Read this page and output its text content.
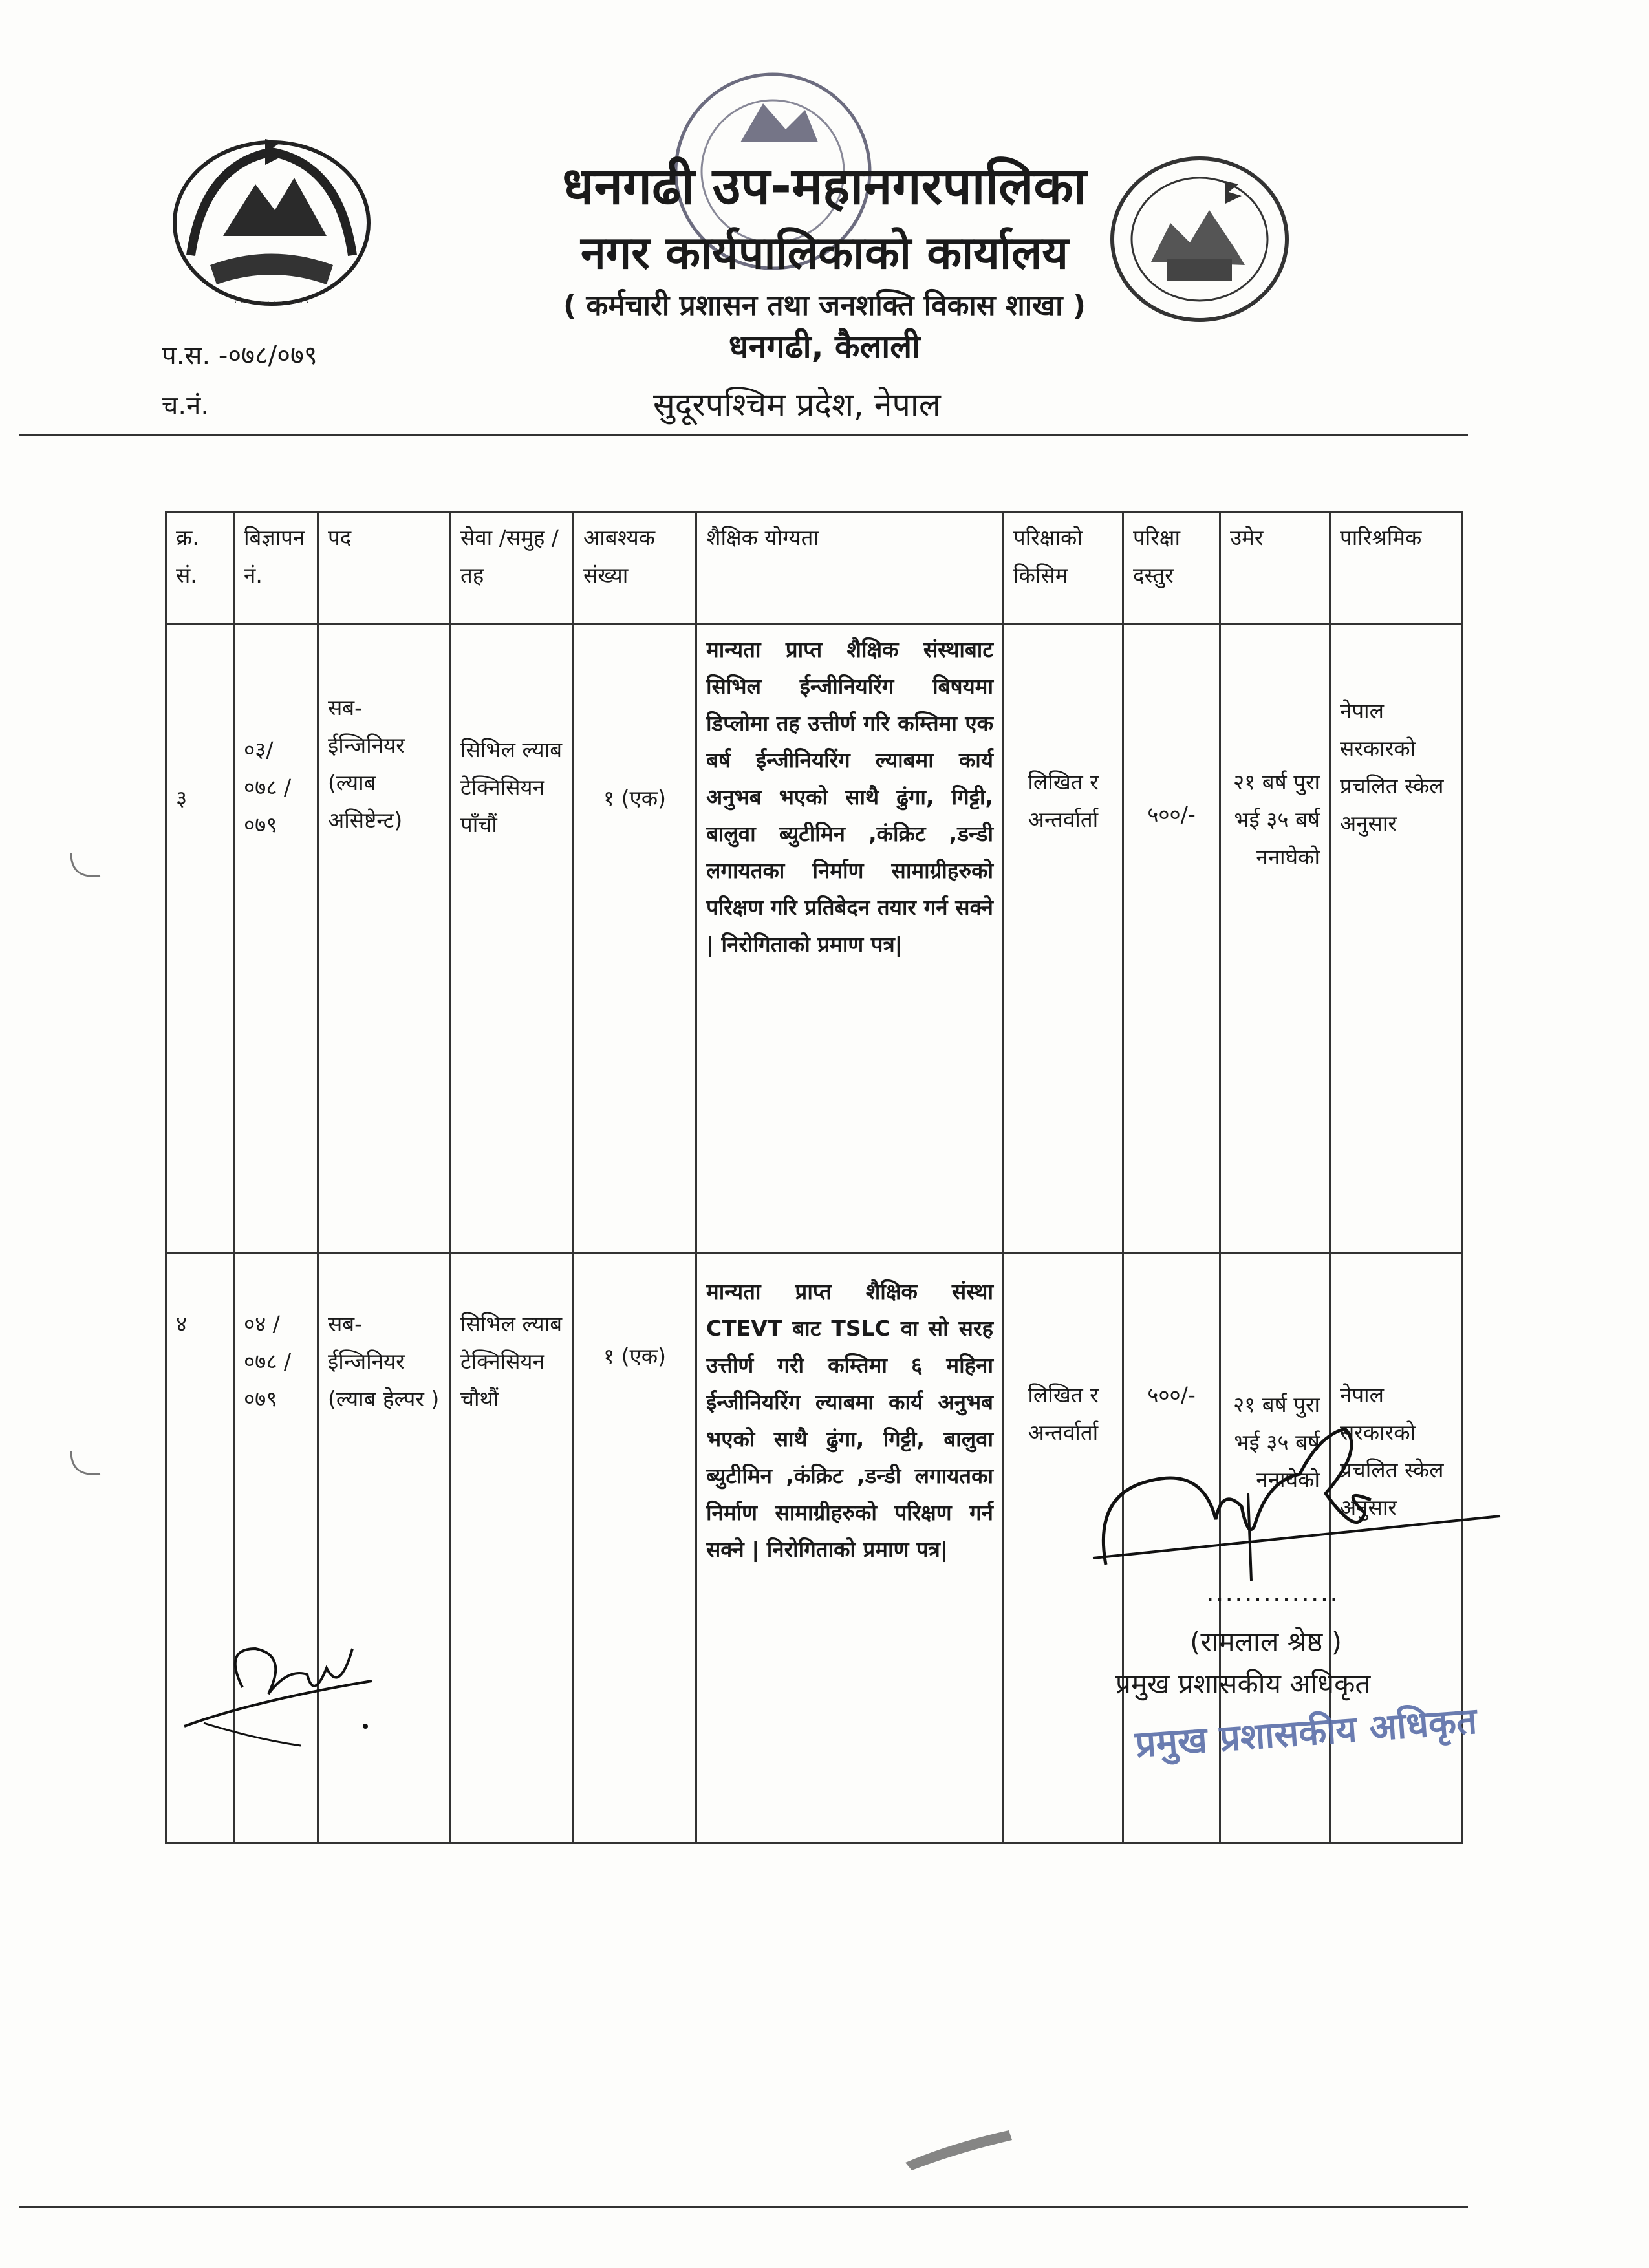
· · · · · · · · · · · ·
धनगढी उप-महानगरपालिका
नगर कार्यपालिकाको कार्यालय
( कर्मचारी प्रशासन तथा जनशक्ति विकास शाखा )
धनगढी, कैलाली
सुदूरपश्चिम प्रदेश, नेपाल
प.स. -०७८/०७९
च.नं.
क्र. सं.	बिज्ञापन नं.	पद	सेवा /समुह /तह	आबश्यक संख्या	शैक्षिक योग्यता	परिक्षाको किसिम	परिक्षा दस्तुर	उमेर	पारिश्रमिक
३	०३/ ०७८ /०७९	सब- ईन्जिनियर (ल्याब असिष्टेन्ट)	सिभिल ल्याब टेक्निसियन पाँचौं	१ (एक)	मान्यता प्राप्त शैक्षिक संस्थाबाट सिभिल ईन्जीनियरिंग बिषयमा डिप्लोमा तह उत्तीर्ण गरि कम्तिमा एक बर्ष ईन्जीनियरिंग ल्याबमा कार्य अनुभब भएको साथै ढुंगा, गिट्टी, बालुवा ब्युटीमिन ,कंक्रिट ,डन्डी लगायतका निर्माण सामाग्रीहरुको परिक्षण गरि प्रतिबेदन तयार गर्न सक्ने | निरोगिताको प्रमाण पत्र|	लिखित र अन्तर्वार्ता	५००/-	२१ बर्ष पुरा भई ३५ बर्ष ननाघेको	नेपाल सरकारको प्रचलित स्केल अनुसार
४	०४ /०७८ /०७९	सब- ईन्जिनियर (ल्याब हेल्पर )	सिभिल ल्याब टेक्निसियन चौथौं	१ (एक)	मान्यता प्राप्त शैक्षिक संस्था CTEVT बाट TSLC वा सो सरह उत्तीर्ण गरी कम्तिमा ६ महिना ईन्जीनियरिंग ल्याबमा कार्य अनुभब भएको साथै ढुंगा, गिट्टी, बालुवा ब्युटीमिन ,कंक्रिट ,डन्डी लगायतका निर्माण सामाग्रीहरुको परिक्षण गर्न सक्ने | निरोगिताको प्रमाण पत्र|	लिखित र अन्तर्वार्ता	५००/-	२१ बर्ष पुरा भई ३५ बर्ष ननाघेको	नेपाल सरकारको प्रचलित स्केल अनुसार
..............
(रामलाल श्रेष्ठ )
प्रमुख प्रशासकीय अधिकृत
प्रमुख प्रशासकीय अधिकृत
